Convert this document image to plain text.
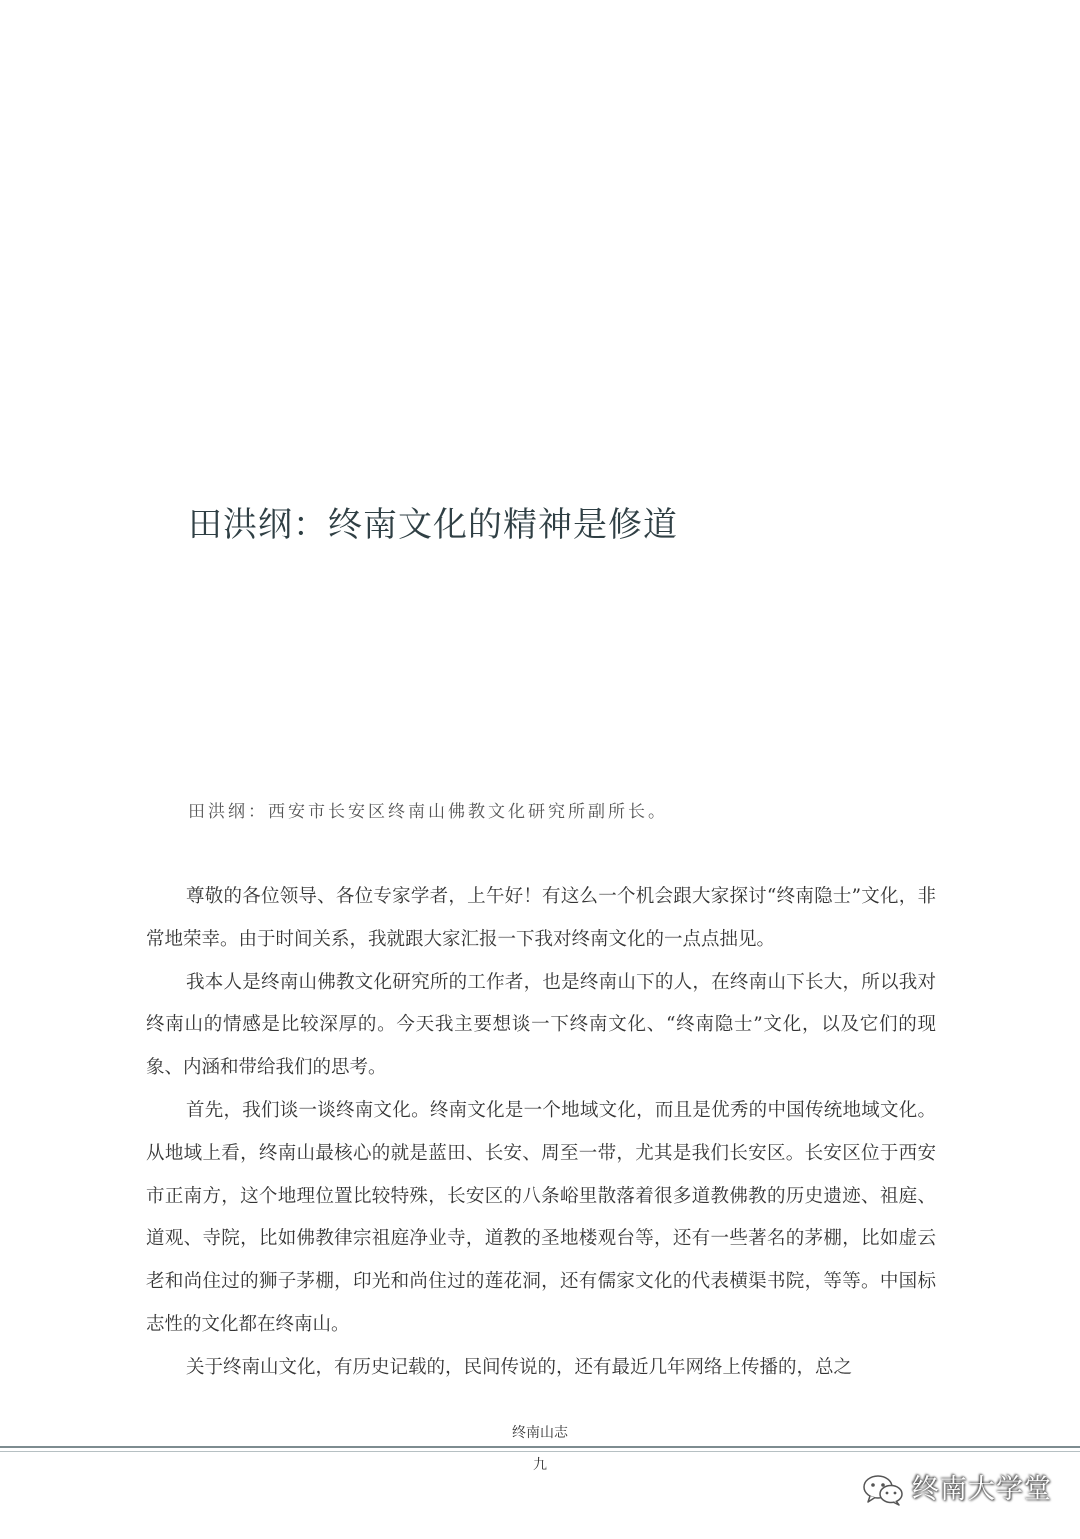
田洪纲：终南文化的精神是修道
田洪纲：西安市长安区终南山佛教文化研究所副所长。

尊敬的各位领导、各位专家学者，上午好！有这么一个机会跟大家探讨“终南隐士”文化，非常地荣幸。由于时间关系，我就跟大家汇报一下我对终南文化的一点点拙见。

我本人是终南山佛教文化研究所的工作者，也是终南山下的人，在终南山下长大，所以我对终南山的情感是比较深厚的。今天我主要想谈一下终南文化、“终南隐士”文化，以及它们的现象、内涵和带给我们的思考。

首先，我们谈一谈终南文化。终南文化是一个地域文化，而且是优秀的中国传统地域文化。从地域上看，终南山最核心的就是蓝田、长安、周至一带，尤其是我们长安区。长安区位于西安市正南方，这个地理位置比较特殊，长安区的八条峪里散落着很多道教佛教的历史遗迹、祖庭、道观、寺院，比如佛教律宗祖庭净业寺，道教的圣地楼观台等，还有一些著名的茅棚，比如虚云老和尚住过的狮子茅棚，印光和尚住过的莲花洞，还有儒家文化的代表横渠书院，等等。中国标志性的文化都在终南山。

关于终南山文化，有历史记载的，民间传说的，还有最近几年网络上传播的，总之

终南山志
九
终南大学堂
